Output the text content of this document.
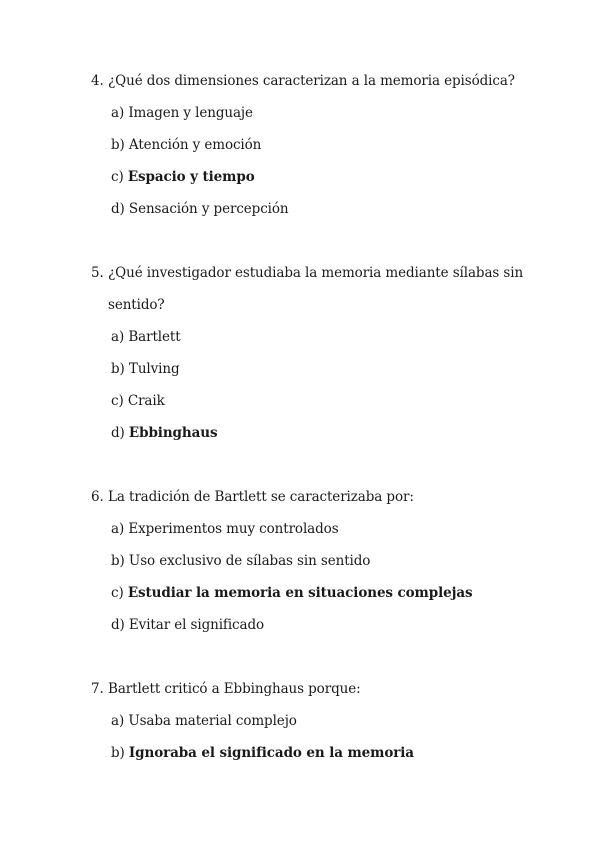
4. ¿Qué dos dimensiones caracterizan a la memoria episódica?
a) Imagen y lenguaje
b) Atención y emoción
c) Espacio y tiempo
d) Sensación y percepción
5. ¿Qué investigador estudiaba la memoria mediante sílabas sin
sentido?
a) Bartlett
b) Tulving
c) Craik
d) Ebbinghaus
6. La tradición de Bartlett se caracterizaba por:
a) Experimentos muy controlados
b) Uso exclusivo de sílabas sin sentido
c) Estudiar la memoria en situaciones complejas
d) Evitar el significado
7. Bartlett criticó a Ebbinghaus porque:
a) Usaba material complejo
b) Ignoraba el significado en la memoria
